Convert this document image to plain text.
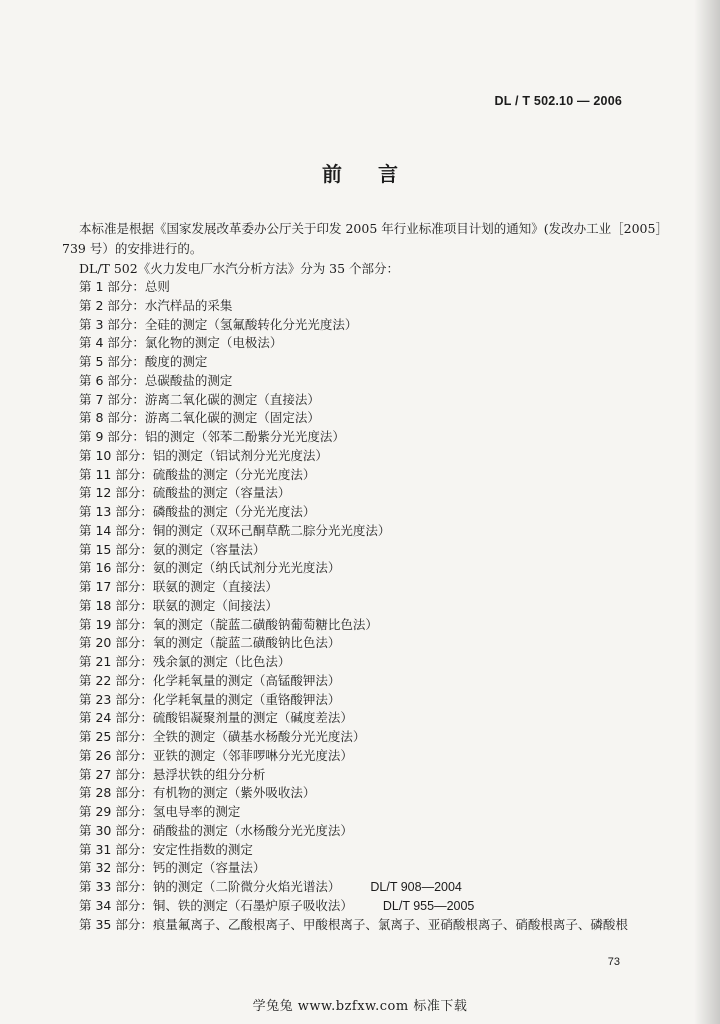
DL / T 502.10 — 2006
前言

本标准是根据《国家发展改革委办公厅关于印发 2005 年行业标准项目计划的通知》(发改办工业［2005］739 号）的安排进行的。

DL/T 502《火力发电厂水汽分析方法》分为 35 个部分：

第 1 部分：总则
第 2 部分：水汽样品的采集
第 3 部分：全硅的测定（氢氟酸转化分光光度法）
第 4 部分：氯化物的测定（电极法）
第 5 部分：酸度的测定
第 6 部分：总碳酸盐的测定
第 7 部分：游离二氧化碳的测定（直接法）
第 8 部分：游离二氧化碳的测定（固定法）
第 9 部分：铝的测定（邻苯二酚紫分光光度法）
第 10 部分：铝的测定（铝试剂分光光度法）
第 11 部分：硫酸盐的测定（分光光度法）
第 12 部分：硫酸盐的测定（容量法）
第 13 部分：磷酸盐的测定（分光光度法）
第 14 部分：铜的测定（双环己酮草酰二腙分光光度法）
第 15 部分：氨的测定（容量法）
第 16 部分：氨的测定（纳氏试剂分光光度法）
第 17 部分：联氨的测定（直接法）
第 18 部分：联氨的测定（间接法）
第 19 部分：氧的测定（靛蓝二磺酸钠葡萄糖比色法）
第 20 部分：氧的测定（靛蓝二磺酸钠比色法）
第 21 部分：残余氯的测定（比色法）
第 22 部分：化学耗氧量的测定（高锰酸钾法）
第 23 部分：化学耗氧量的测定（重铬酸钾法）
第 24 部分：硫酸铝凝聚剂量的测定（碱度差法）
第 25 部分：全铁的测定（磺基水杨酸分光光度法）
第 26 部分：亚铁的测定（邻菲啰啉分光光度法）
第 27 部分：悬浮状铁的组分分析
第 28 部分：有机物的测定（紫外吸收法）
第 29 部分：氢电导率的测定
第 30 部分：硝酸盐的测定（水杨酸分光光度法）
第 31 部分：安定性指数的测定
第 32 部分：钙的测定（容量法）
第 33 部分：钠的测定（二阶微分火焰光谱法） DL/T 908—2004
第 34 部分：铜、铁的测定（石墨炉原子吸收法） DL/T 955—2005
第 35 部分：痕量氟离子、乙酸根离子、甲酸根离子、氯离子、亚硝酸根离子、硝酸根离子、磷酸根
73
学兔兔 www.bzfxw.com 标准下载
